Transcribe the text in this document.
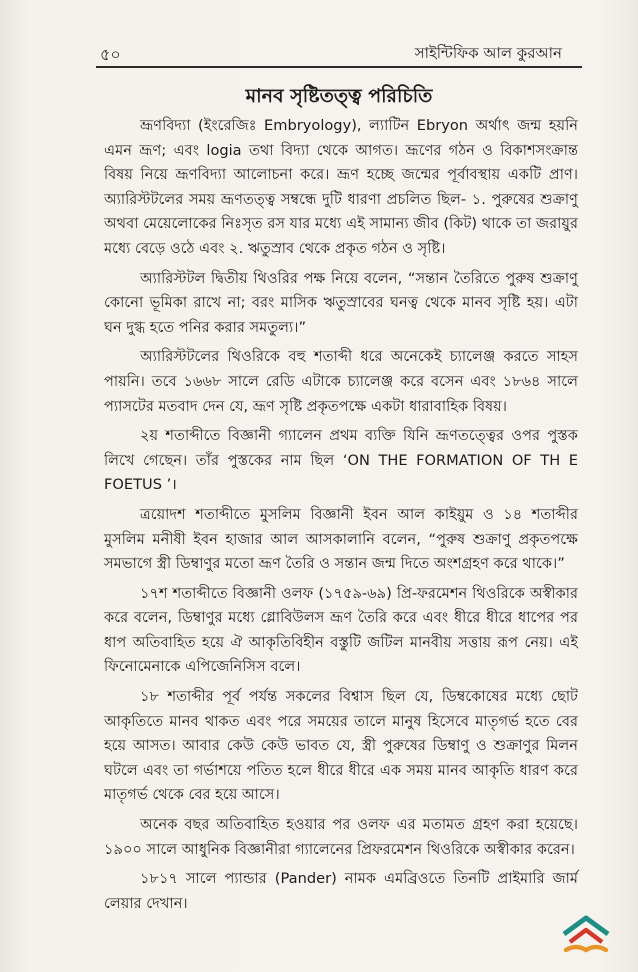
৫০	সাইন্টিফিক আল কুরআন
মানব সৃষ্টিতত্ত্ব পরিচিতি

ভ্রূণবিদ্যা (ইংরেজিঃ Embryology), ল্যাটিন Ebryon অর্থাৎ জন্ম হয়নি এমন ভ্রূণ; এবং logia তথা বিদ্যা থেকে আগত। ভ্রূণের গঠন ও বিকাশসংক্রান্ত বিষয় নিয়ে ভ্রূণবিদ্যা আলোচনা করে। ভ্রূণ হচ্ছে জন্মের পূর্বাবস্থায় একটি প্রাণ। অ্যারিস্টটলের সময় ভ্রূণতত্ত্ব সম্বন্ধে দুটি ধারণা প্রচলিত ছিল- ১. পুরুষের শুক্রাণু অথবা মেয়েলোকের নিঃসৃত রস যার মধ্যে এই সামান্য জীব (কিট) থাকে তা জরায়ুর মধ্যে বেড়ে ওঠে এবং ২. ঋতুস্রাব থেকে প্রকৃত গঠন ও সৃষ্টি।

অ্যারিস্টটল দ্বিতীয় থিওরির পক্ষ নিয়ে বলেন, “সন্তান তৈরিতে পুরুষ শুক্রাণু কোনো ভূমিকা রাখে না; বরং মাসিক ঋতুস্রাবের ঘনত্ব থেকে মানব সৃষ্টি হয়। এটা ঘন দুগ্ধ হতে পনির করার সমতুল্য।”

অ্যারিস্টটলের থিওরিকে বহু শতাব্দী ধরে অনেকেই চ্যালেঞ্জ করতে সাহস পায়নি। তবে ১৬৬৮ সালে রেডি এটাকে চ্যালেঞ্জ করে বসেন এবং ১৮৬৪ সালে প্যাসটের মতবাদ দেন যে, ভ্রূণ সৃষ্টি প্রকৃতপক্ষে একটা ধারাবাহিক বিষয়।

২য় শতাব্দীতে বিজ্ঞানী গ্যালেন প্রথম ব্যক্তি যিনি ভ্রূণতত্ত্বের ওপর পুস্তক লিখে গেছেন। তাঁর পুস্তকের নাম ছিল ‘ON THE FORMATION OF TH E FOETUS ’।

ত্রয়োদশ শতাব্দীতে মুসলিম বিজ্ঞানী ইবন আল কাইয়ুম ও ১৪ শতাব্দীর মুসলিম মনীষী ইবন হাজার আল আসকালানি বলেন, “পুরুষ শুক্রাণু প্রকৃতপক্ষে সমভাগে স্ত্রী ডিম্বাণুর মতো ভ্রূণ তৈরি ও সন্তান জন্ম দিতে অংশগ্রহণ করে থাকে।”

১৭শ শতাব্দীতে বিজ্ঞানী ওলফ (১৭৫৯-৬৯) প্রি-ফরমেশন থিওরিকে অস্বীকার করে বলেন, ডিম্বাণুর মধ্যে গ্লোবিউলস ভ্রূণ তৈরি করে এবং ধীরে ধীরে ধাপের পর ধাপ অতিবাহিত হয়ে ঐ আকৃতিবিহীন বস্তুটি জটিল মানবীয় সত্তায় রূপ নেয়। এই ফিনোমেনাকে এপিজেনিসিস বলে।

১৮ শতাব্দীর পূর্ব পর্যন্ত সকলের বিশ্বাস ছিল যে, ডিম্বকোষের মধ্যে ছোট আকৃতিতে মানব থাকত এবং পরে সময়ের তালে মানুষ হিসেবে মাতৃগর্ভ হতে বের হয়ে আসত। আবার কেউ কেউ ভাবত যে, স্ত্রী পুরুষের ডিম্বাণু ও শুক্রাণুর মিলন ঘটলে এবং তা গর্ভাশয়ে পতিত হলে ধীরে ধীরে এক সময় মানব আকৃতি ধারণ করে মাতৃগর্ভ থেকে বের হয়ে আসে।

অনেক বছর অতিবাহিত হওয়ার পর ওলফ এর মতামত গ্রহণ করা হয়েছে। ১৯০০ সালে আধুনিক বিজ্ঞানীরা গ্যালেনের প্রিফরমেশন থিওরিকে অস্বীকার করেন।

১৮১৭ সালে প্যান্ডার (Pander) নামক এমব্রিওতে তিনটি প্রাইমারি জার্ম লেয়ার দেখান।
